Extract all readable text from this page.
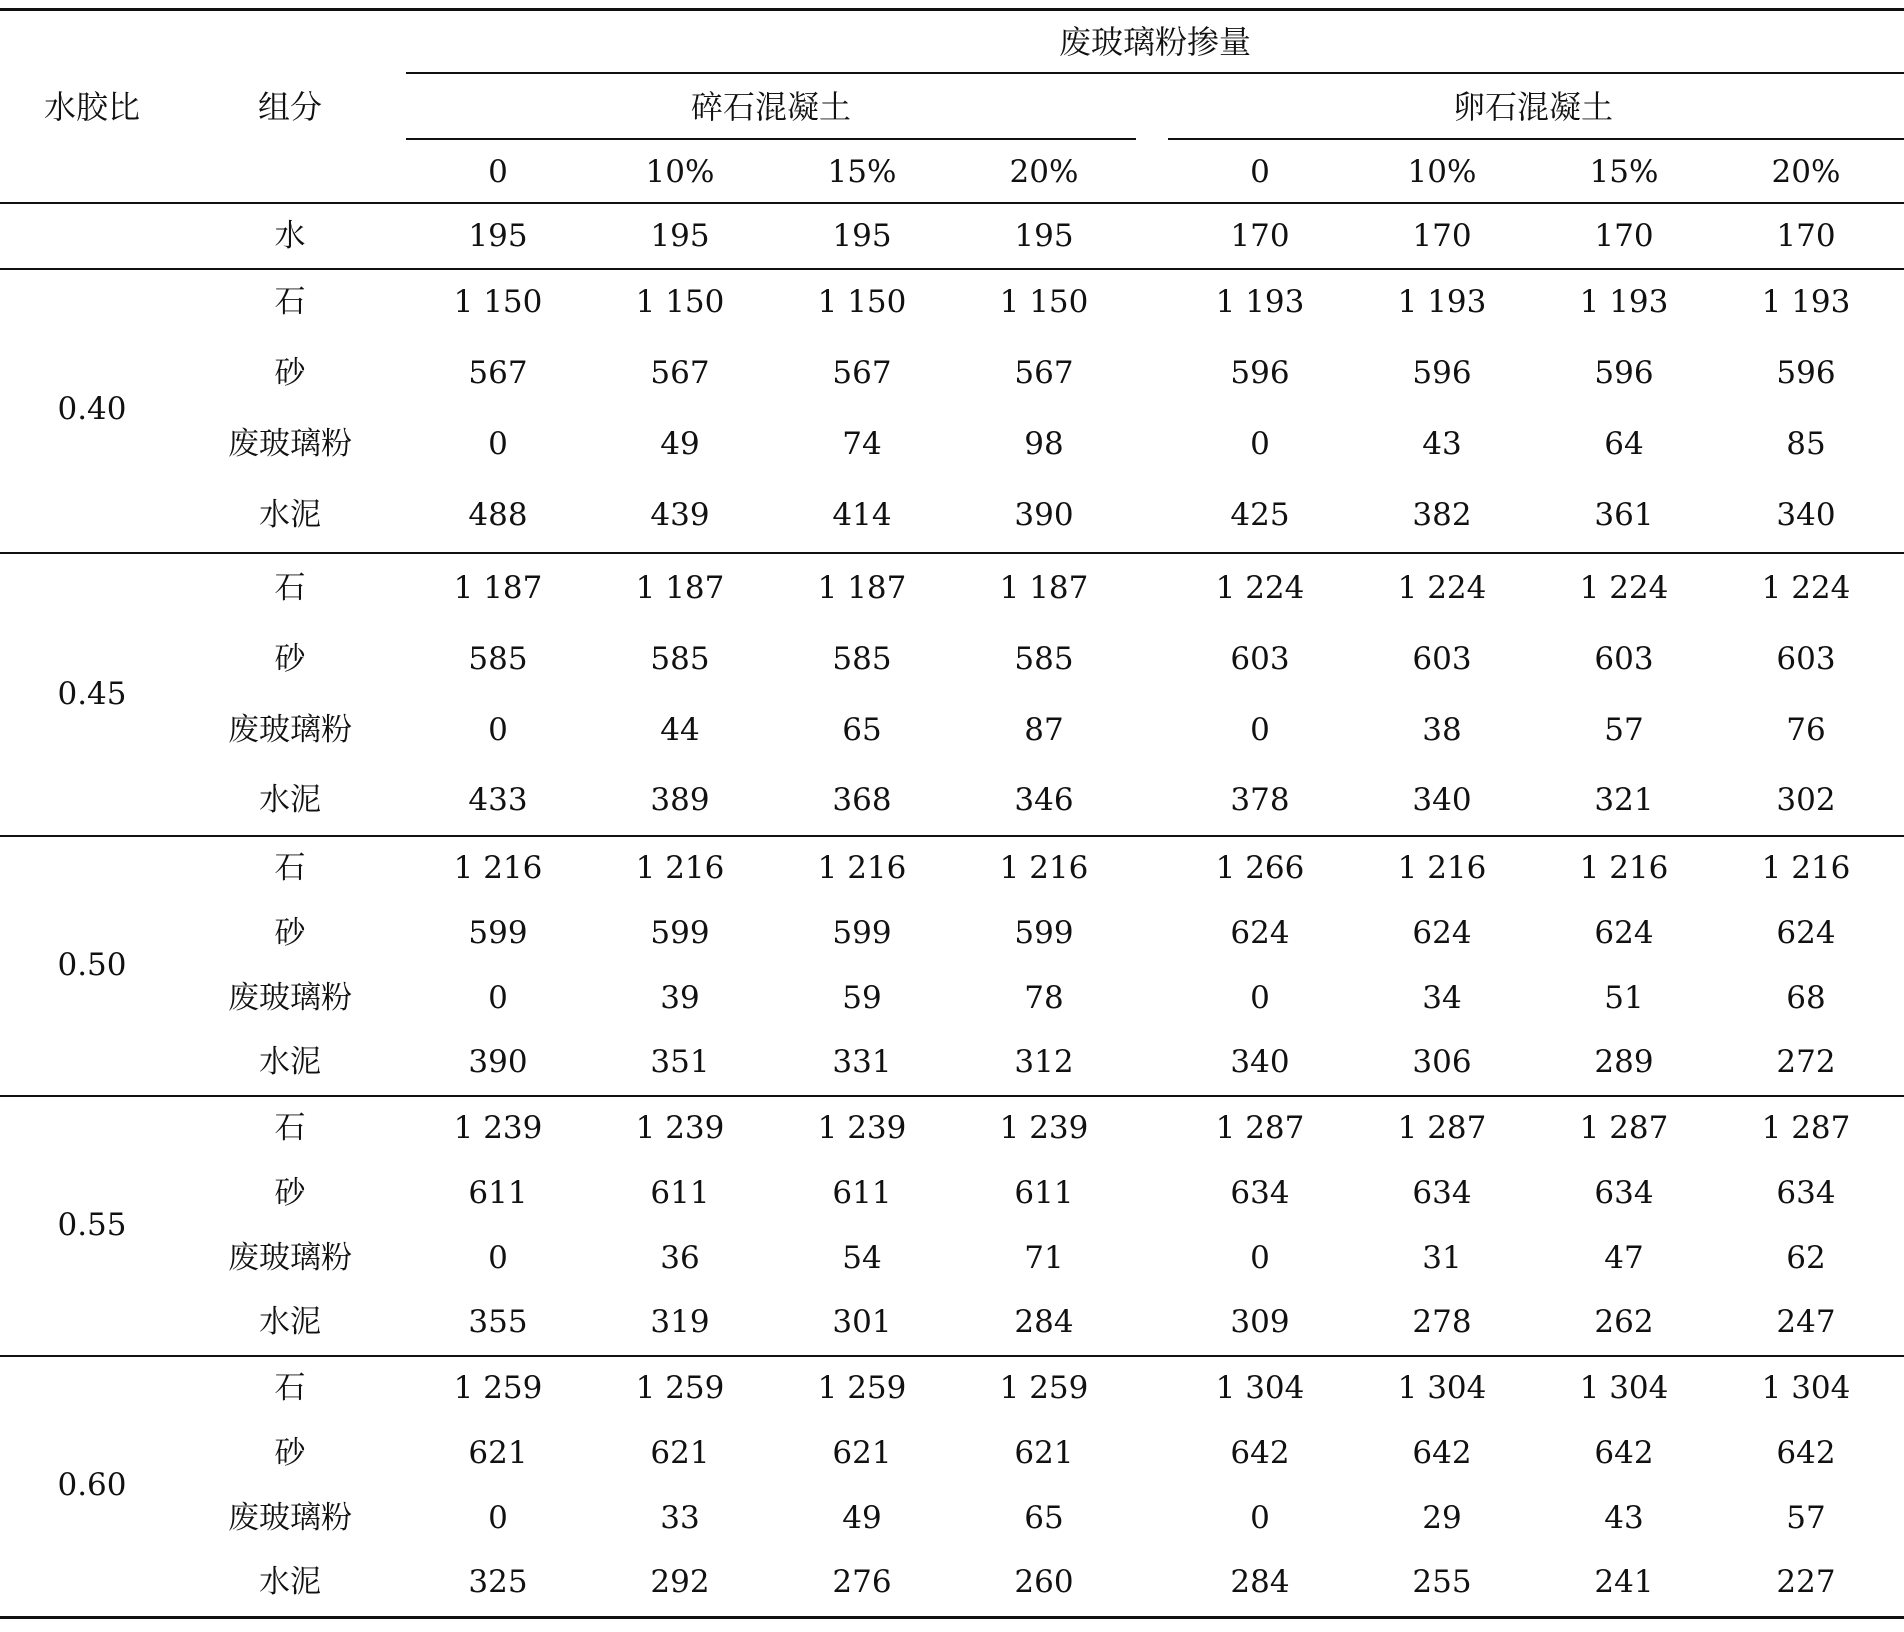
水胶比	组分
废玻璃粉掺量
碎石混凝土	卵石混凝土
0	10%	15%	20%	0	10%	15%	20%
水	195	195	195	195	170	170	170	170
0.40
石	1 150	1 150	1 150	1 150	1 193	1 193	1 193	1 193
砂	567	567	567	567	596	596	596	596
废玻璃粉	0	49	74	98	0	43	64	85
水泥	488	439	414	390	425	382	361	340
0.45
石	1 187	1 187	1 187	1 187	1 224	1 224	1 224	1 224
砂	585	585	585	585	603	603	603	603
废玻璃粉	0	44	65	87	0	38	57	76
水泥	433	389	368	346	378	340	321	302
0.50
石	1 216	1 216	1 216	1 216	1 266	1 216	1 216	1 216
砂	599	599	599	599	624	624	624	624
废玻璃粉	0	39	59	78	0	34	51	68
水泥	390	351	331	312	340	306	289	272
0.55
石	1 239	1 239	1 239	1 239	1 287	1 287	1 287	1 287
砂	611	611	611	611	634	634	634	634
废玻璃粉	0	36	54	71	0	31	47	62
水泥	355	319	301	284	309	278	262	247
0.60
石	1 259	1 259	1 259	1 259	1 304	1 304	1 304	1 304
砂	621	621	621	621	642	642	642	642
废玻璃粉	0	33	49	65	0	29	43	57
水泥	325	292	276	260	284	255	241	227
